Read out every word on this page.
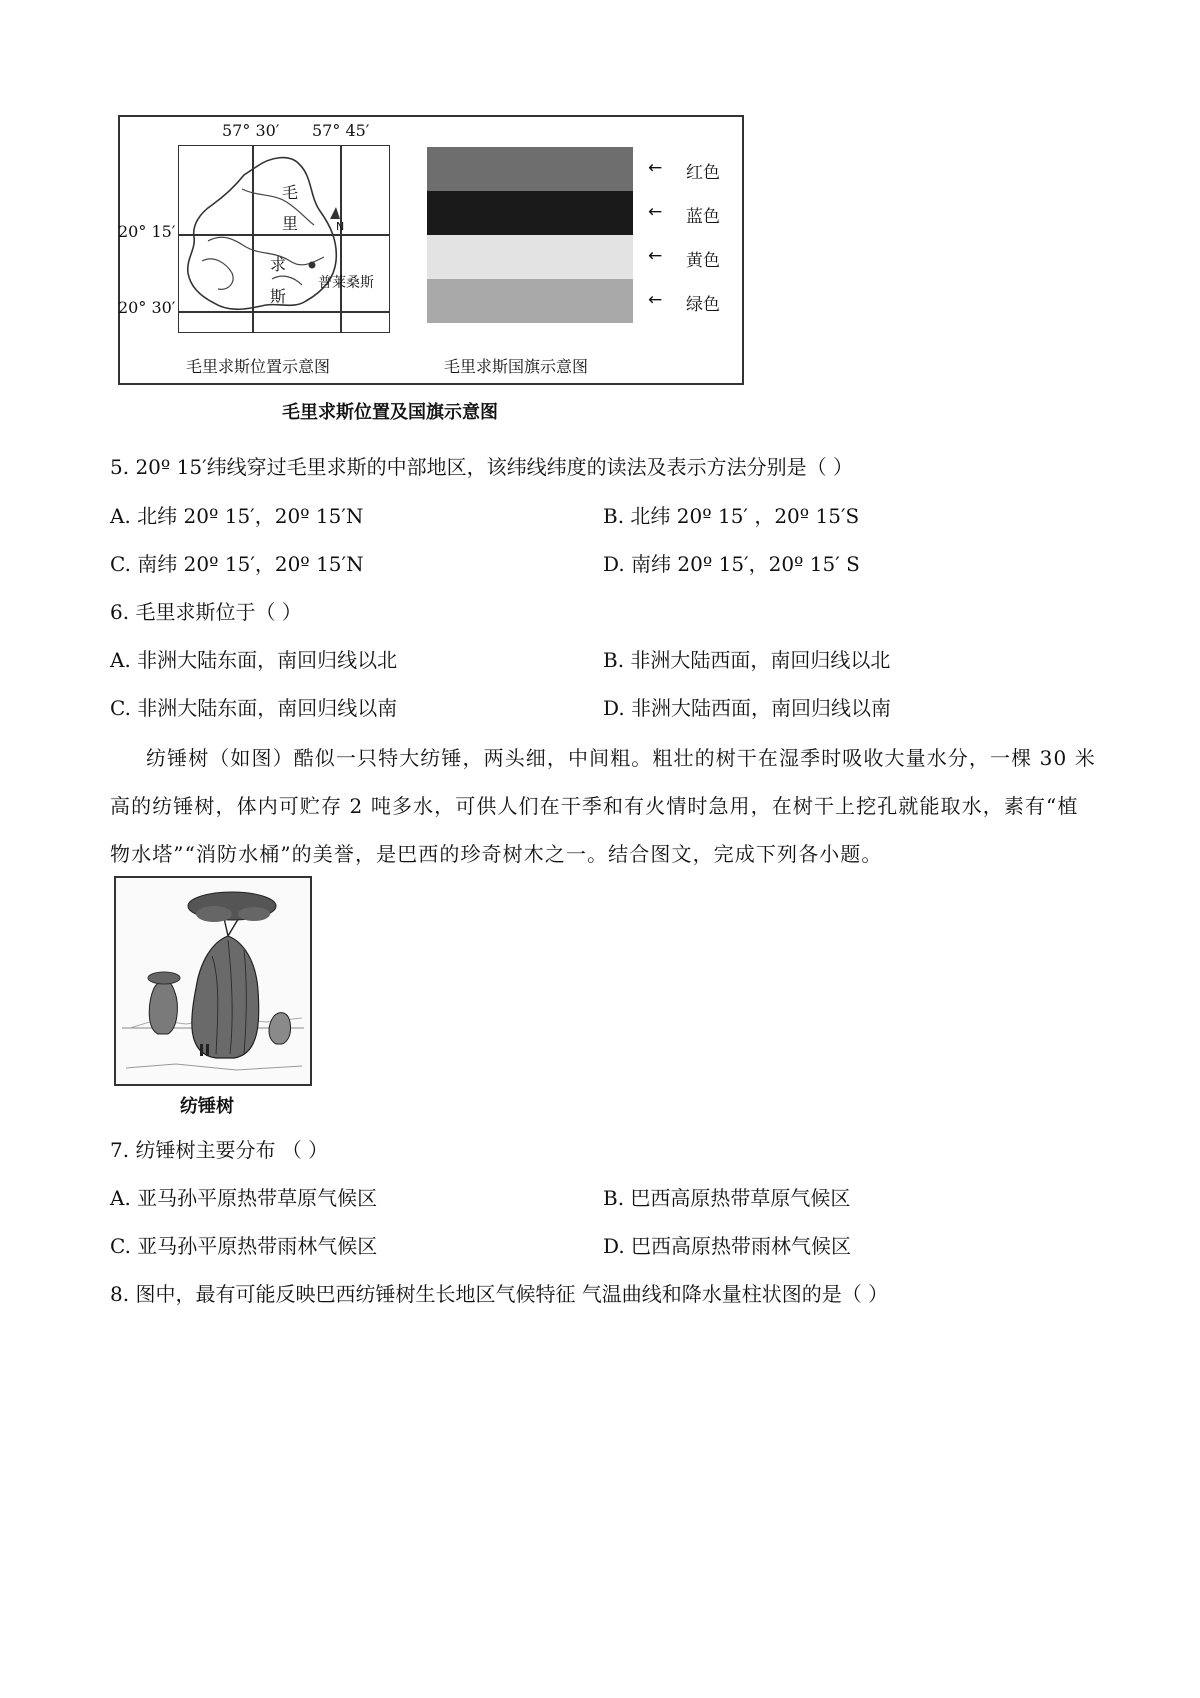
57° 30′ 57° 45′
20° 15′
20° 30′
N
毛
里
求
斯
普莱桑斯
← 红色
← 蓝色
← 黄色
← 绿色
毛里求斯位置示意图	毛里求斯国旗示意图
毛里求斯位置及国旗示意图
5. 20º 15′纬线穿过毛里求斯的中部地区，该纬线纬度的读法及表示方法分别是（ ）
A. 北纬 20º 15′，20º 15′N	B. 北纬 20º 15′ ，20º 15′S
C. 南纬 20º 15′，20º 15′N	D. 南纬 20º 15′，20º 15′ S
6. 毛里求斯位于（ ）
A. 非洲大陆东面，南回归线以北	B. 非洲大陆西面，南回归线以北
C. 非洲大陆东面，南回归线以南	D. 非洲大陆西面，南回归线以南
纺锤树（如图）酷似一只特大纺锤，两头细，中间粗。粗壮的树干在湿季时吸收大量水分，一棵 30 米
高的纺锤树，体内可贮存 2 吨多水，可供人们在干季和有火情时急用，在树干上挖孔就能取水，素有“植
物水塔”“消防水桶”的美誉，是巴西的珍奇树木之一。结合图文，完成下列各小题。
纺锤树
7. 纺锤树主要分布 （ ）
A. 亚马孙平原热带草原气候区	B. 巴西高原热带草原气候区
C. 亚马孙平原热带雨林气候区	D. 巴西高原热带雨林气候区
8. 图中，最有可能反映巴西纺锤树生长地区气候特征 气温曲线和降水量柱状图的是（ ）
